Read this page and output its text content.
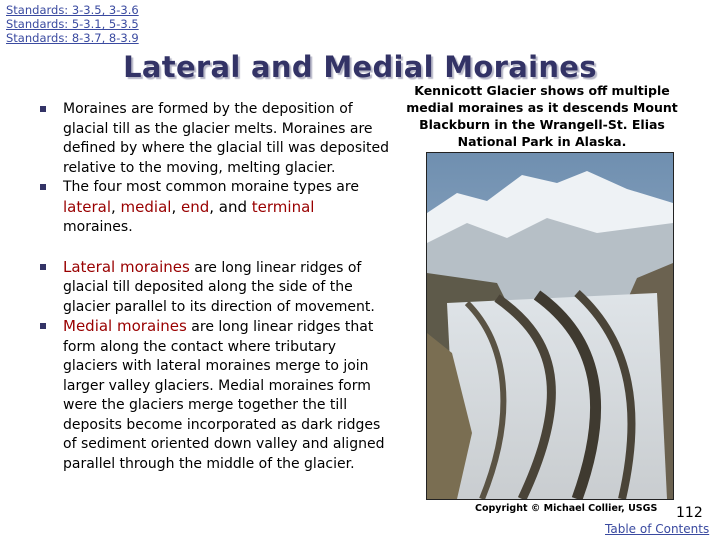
Standards: 3-3.5, 3-3.6
Standards: 5-3.1, 5-3.5
Standards: 8-3.7, 8-3.9
Lateral and Medial Moraines
Kennicott Glacier shows off multiple medial moraines as it descends Mount Blackburn in the Wrangell-St. Elias National Park in Alaska.
Moraines are formed by the deposition of glacial till as the glacier melts. Moraines are defined by where the glacial till was deposited relative to the moving, melting glacier.
The four most common moraine types are
lateral, medial, end, and terminal
moraines.
Lateral moraines are long linear ridges of glacial till deposited along the side of the glacier parallel to its direction of movement.
Medial moraines are long linear ridges that form along the contact where tributary glaciers with lateral moraines merge to join larger valley glaciers. Medial moraines form were the glaciers merge together the till deposits become incorporated as dark ridges of sediment oriented down valley and aligned parallel through the middle of the glacier.
Copyright © Michael Collier, USGS 112
Table of Contents
